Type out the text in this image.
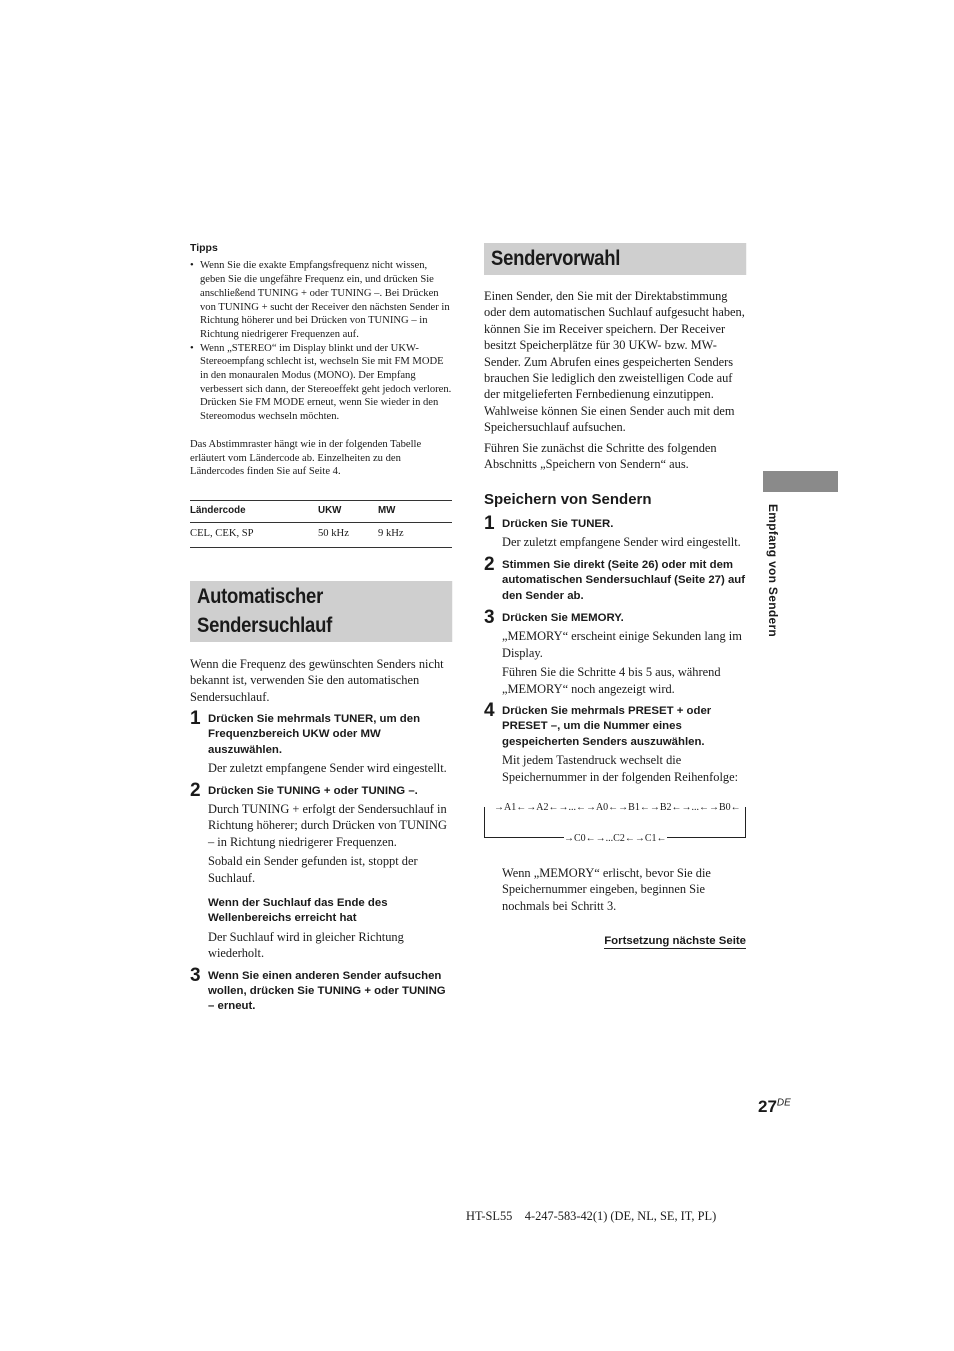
Tipps
• Wenn Sie die exakte Empfangsfrequenz nicht wissen, geben Sie die ungefähre Frequenz ein, und drücken Sie anschließend TUNING + oder TUNING –. Bei Drücken von TUNING + sucht der Receiver den nächsten Sender in Richtung höherer und bei Drücken von TUNING – in Richtung niedrigerer Frequenzen auf.
• Wenn „STEREO“ im Display blinkt und der UKW-Stereoempfang schlecht ist, wechseln Sie mit FM MODE in den monauralen Modus (MONO). Der Empfang verbessert sich dann, der Stereoeffekt geht jedoch verloren. Drücken Sie FM MODE erneut, wenn Sie wieder in den Stereomodus wechseln möchten.
Das Abstimmraster hängt wie in der folgenden Tabelle erläutert vom Ländercode ab. Einzelheiten zu den Ländercodes finden Sie auf Seite 4.
Ländercode	UKW	MW
CEL, CEK, SP	50 kHz	9 kHz
Automatischer
Sendersuchlauf

Wenn die Frequenz des gewünschten Senders nicht bekannt ist, verwenden Sie den automatischen Sendersuchlauf.

1 Drücken Sie mehrmals TUNER, um den Frequenzbereich UKW oder MW auszuwählen.

Der zuletzt empfangene Sender wird eingestellt.

2 Drücken Sie TUNING + oder TUNING –.

Durch TUNING + erfolgt der Sendersuchlauf in Richtung höherer; durch Drücken von TUNING – in Richtung niedrigerer Frequenzen.

Sobald ein Sender gefunden ist, stoppt der Suchlauf.

Wenn der Suchlauf das Ende des Wellenbereichs erreicht hat

Der Suchlauf wird in gleicher Richtung wiederholt.

3 Wenn Sie einen anderen Sender aufsuchen wollen, drücken Sie TUNING + oder TUNING – erneut.
Sendervorwahl

Einen Sender, den Sie mit der Direktabstimmung oder dem automatischen Suchlauf aufgesucht haben, können Sie im Receiver speichern. Der Receiver besitzt Speicherplätze für 30 UKW- bzw. MW-Sender. Zum Abrufen eines gespeicherten Senders brauchen Sie lediglich den zweistelligen Code auf der mitgelieferten Fernbedienung einzutippen. Wahlweise können Sie einen Sender auch mit dem Speichersuchlauf aufsuchen.

Führen Sie zunächst die Schritte des folgenden Abschnitts „Speichern von Sendern“ aus.

Speichern von Sendern
1 Drücken Sie TUNER.

Der zuletzt empfangene Sender wird eingestellt.

2 Stimmen Sie direkt (Seite 26) oder mit dem automatischen Sendersuchlauf (Seite 27) auf den Sender ab.
3 Drücken Sie MEMORY.

„MEMORY“ erscheint einige Sekunden lang im Display.

Führen Sie die Schritte 4 bis 5 aus, während „MEMORY“ noch angezeigt wird.

4 Drücken Sie mehrmals PRESET + oder PRESET –, um die Nummer eines gespeicherten Senders auszuwählen.

Mit jedem Tastendruck wechselt die Speichernummer in der folgenden Reihenfolge:

→A1←→A2←→...←→A0←→B1←→B2←→...←→B0←
→C0←→...C2←→C1←

Wenn „MEMORY“ erlischt, bevor Sie die Speichernummer eingeben, beginnen Sie nochmals bei Schritt 3.

Fortsetzung nächste Seite
Empfang von Sendern
27DE
HT-SL55    4-247-583-42(1) (DE, NL, SE, IT, PL)
